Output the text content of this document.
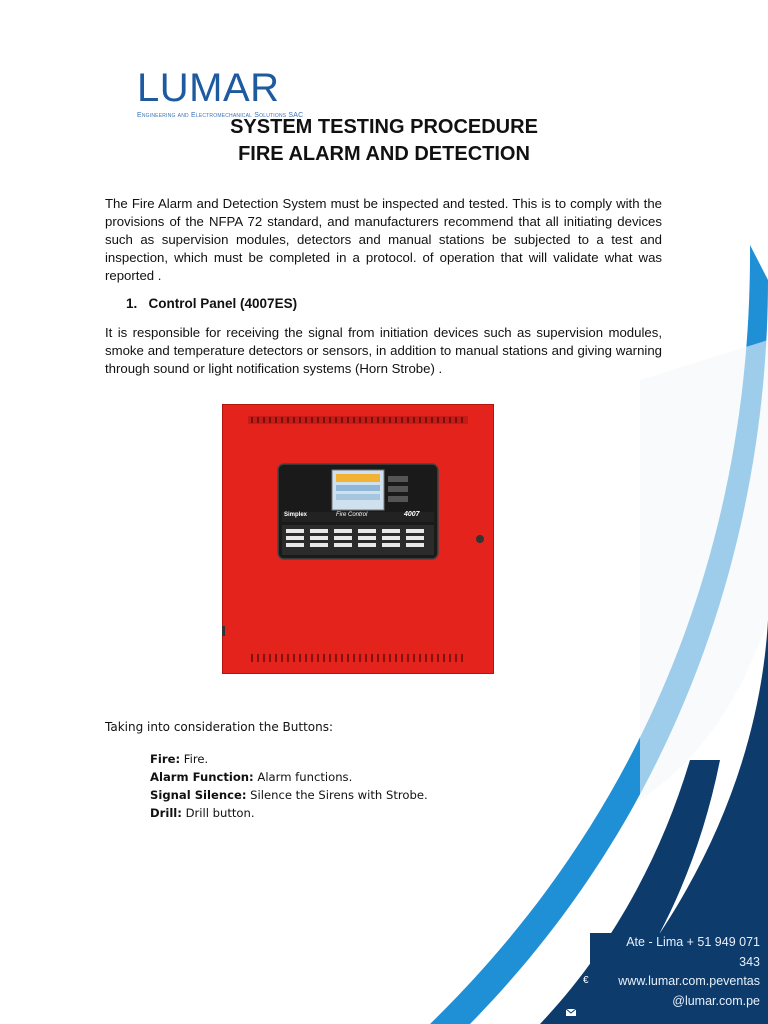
LUMAR
Engineering and Electromechanical Solutions SAC
SYSTEM TESTING PROCEDURE
FIRE ALARM AND DETECTION
The Fire Alarm and Detection System must be inspected and tested. This is to comply with the provisions of the NFPA 72 standard, and manufacturers recommend that all initiating devices such as supervision modules, detectors and manual stations be subjected to a test and inspection, which must be completed in a protocol. of operation that will validate what was reported .
1. Control Panel (4007ES)
It is responsible for receiving the signal from initiation devices such as supervision modules, smoke and temperature detectors or sensors, in addition to manual stations and giving warning through sound or light notification systems (Horn Strobe) .
Simplex	Fire Control	4007
Taking into consideration the Buttons:
Fire: Fire.
Alarm Function: Alarm functions.
Signal Silence: Silence the Sirens with Strobe.
Drill: Drill button.
Ate - Lima + 51 949 071
343
www.lumar.com.peventas
@lumar.com.pe
€
